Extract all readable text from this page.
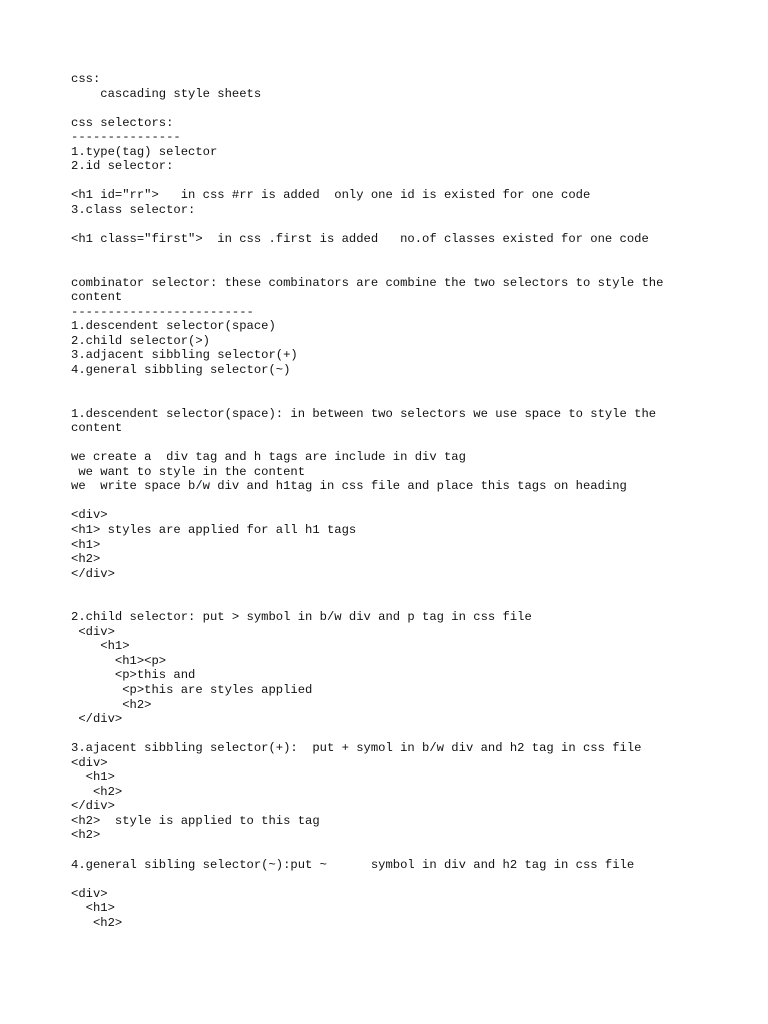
css:
cascading style sheets
css selectors:
---------------
1.type(tag) selector
2.id selector:
<h1 id="rr">   in css #rr is added  only one id is existed for one code
3.class selector:
<h1 class="first">  in css .first is added   no.of classes existed for one code
combinator selector: these combinators are combine the two selectors to style the
content
-------------------------
1.descendent selector(space)
2.child selector(>)
3.adjacent sibbling selector(+)
4.general sibbling selector(~)
1.descendent selector(space): in between two selectors we use space to style the
content
we create a  div tag and h tags are include in div tag
we want to style in the content
we  write space b/w div and h1tag in css file and place this tags on heading
<div>
<h1> styles are applied for all h1 tags
<h1>
<h2>
</div>
2.child selector: put > symbol in b/w div and p tag in css file
<div>
<h1>
<h1><p>
<p>this and
<p>this are styles applied
<h2>
</div>
3.ajacent sibbling selector(+):  put + symol in b/w div and h2 tag in css file
<div>
<h1>
<h2>
</div>
<h2>  style is applied to this tag
<h2>
4.general sibling selector(~):put ~      symbol in div and h2 tag in css file
<div>
<h1>
<h2>
